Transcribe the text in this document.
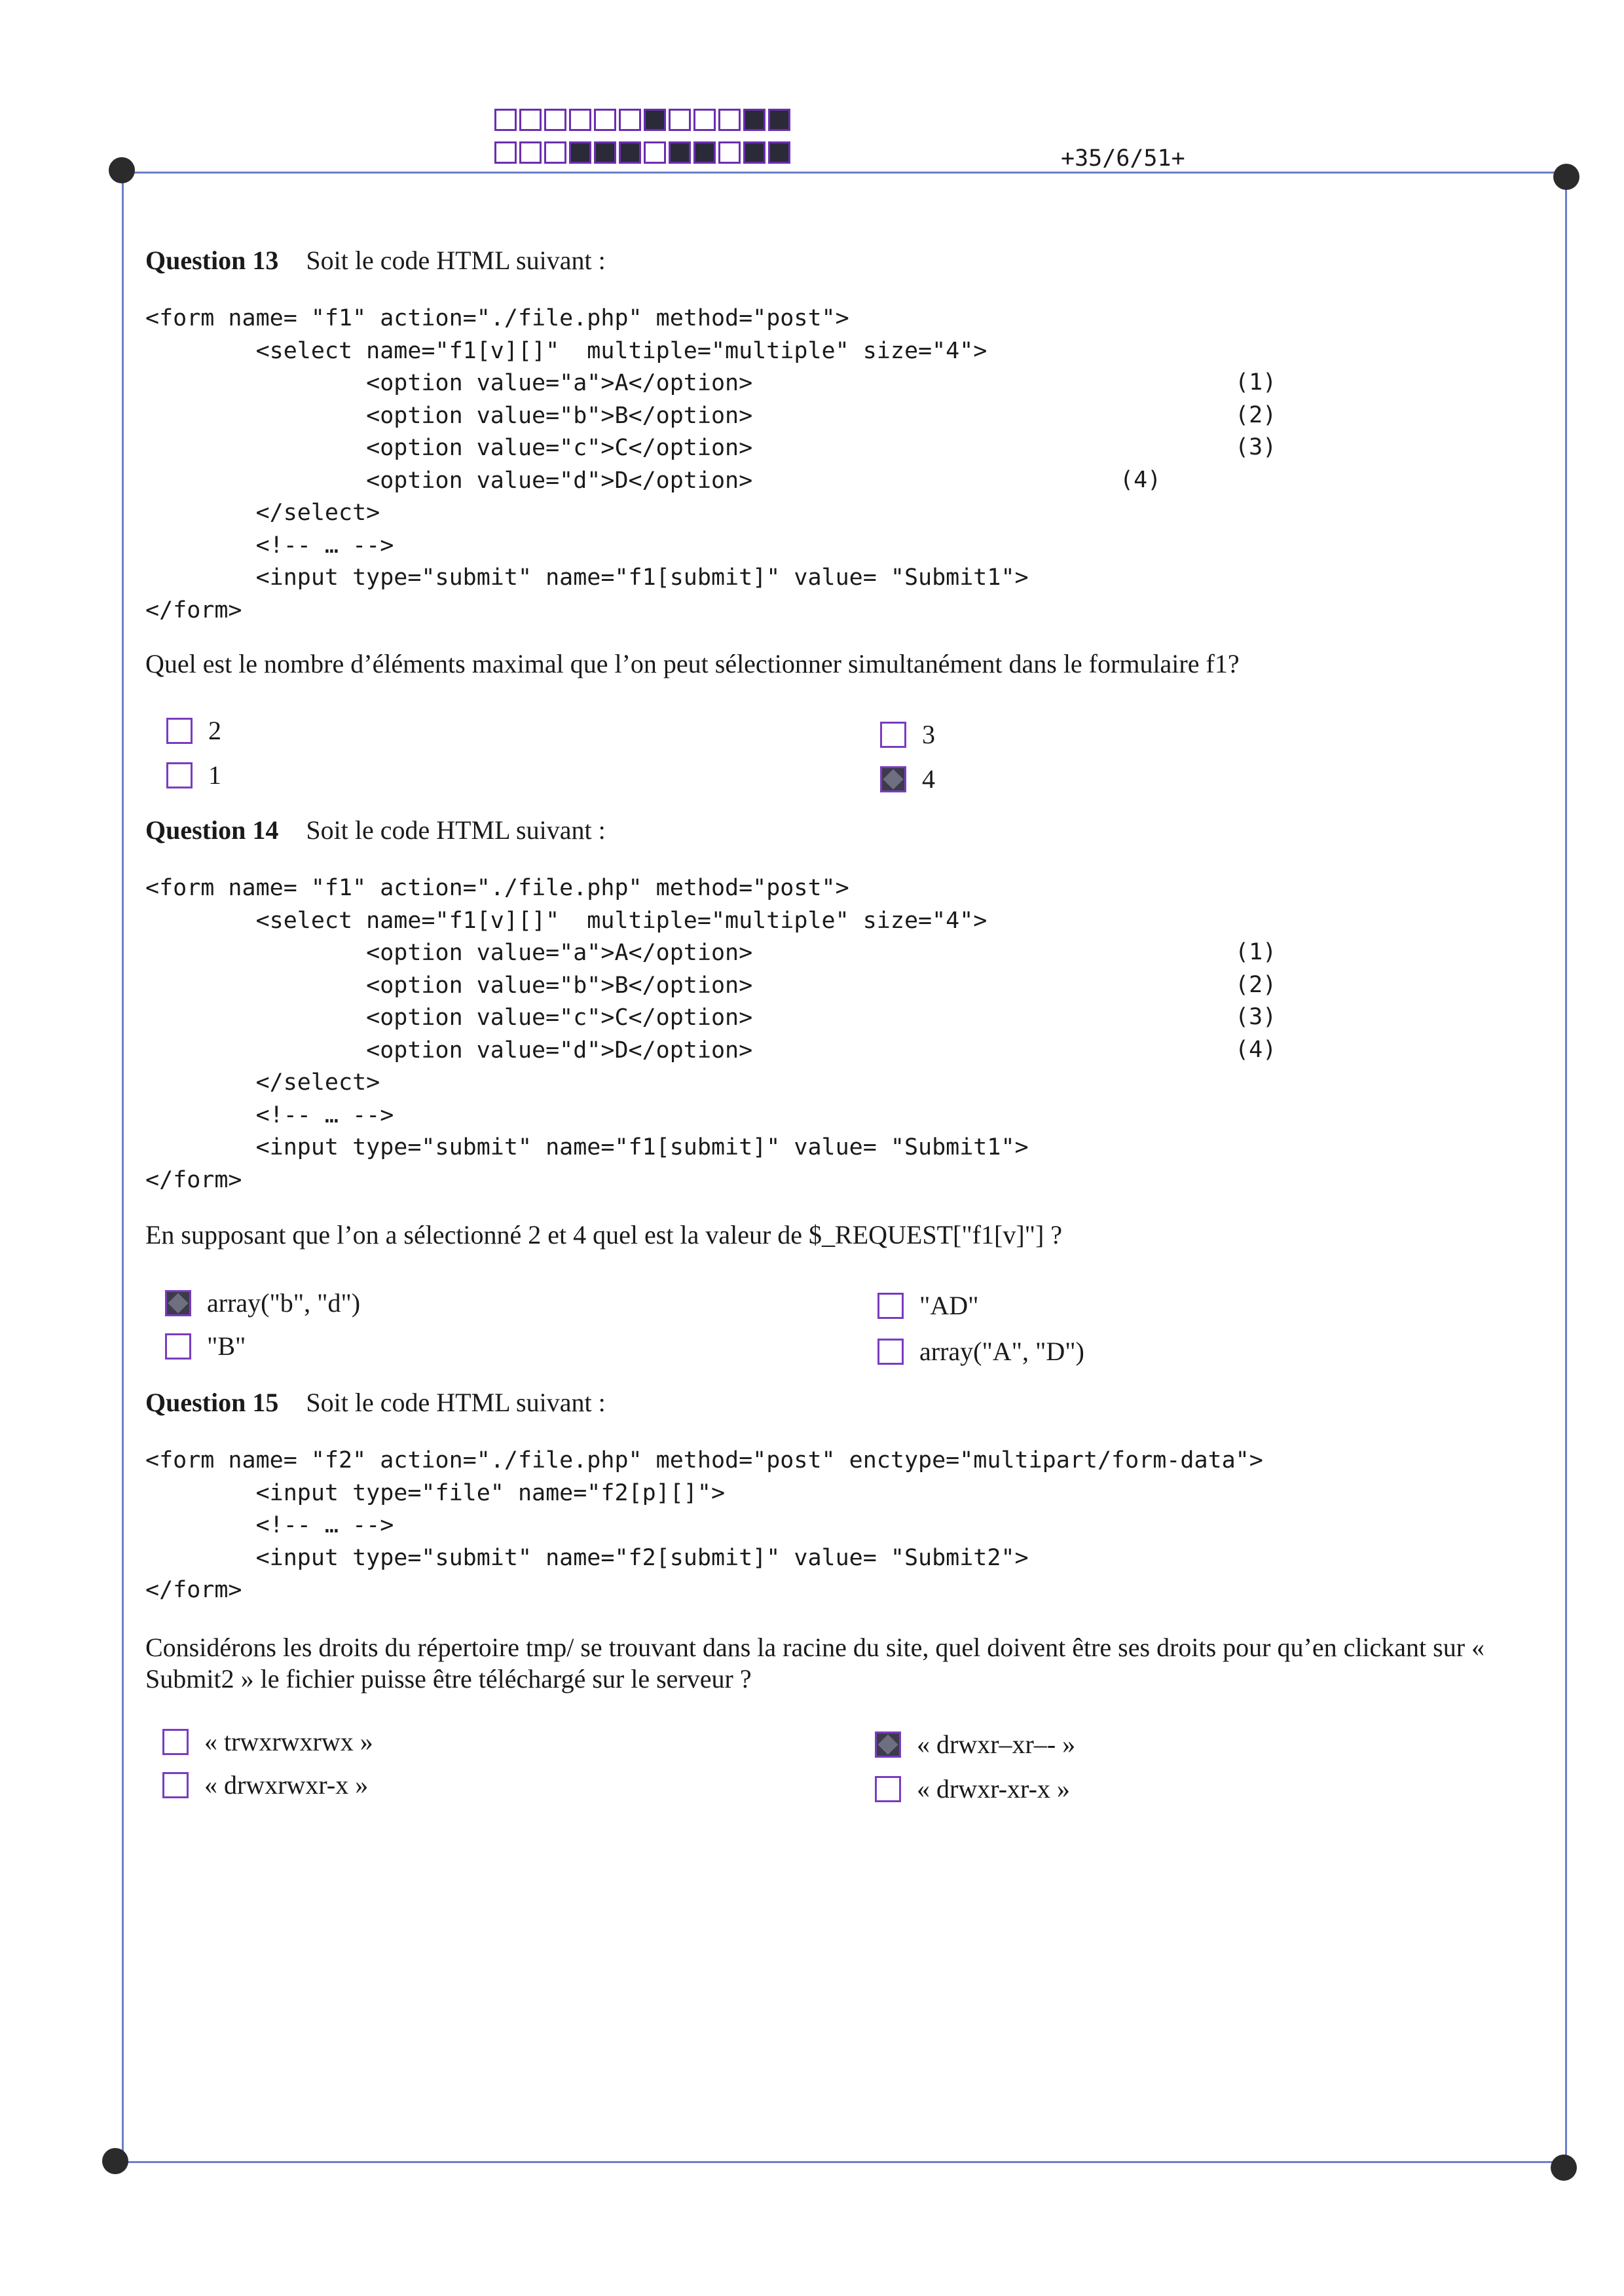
+35/6/51+
Question 13 Soit le code HTML suivant :
<form name= "f1" action="./file.php" method="post">
<select name="f1[v][]"  multiple="multiple" size="4">
<option value="a">A</option>
<option value="b">B</option>
<option value="c">C</option>
<option value="d">D</option>
</select>
<!-- … -->
<input type="submit" name="f1[submit]" value= "Submit1">
</form>
(1)
(2)
(3)
(4)
Quel est le nombre d’éléments maximal que l’on peut sélectionner simultanément dans le formulaire f1?
2	3
1	4
Question 14 Soit le code HTML suivant :
<form name= "f1" action="./file.php" method="post">
<select name="f1[v][]"  multiple="multiple" size="4">
<option value="a">A</option>
<option value="b">B</option>
<option value="c">C</option>
<option value="d">D</option>
</select>
<!-- … -->
<input type="submit" name="f1[submit]" value= "Submit1">
</form>
(1)
(2)
(3)
(4)
En supposant que l’on a sélectionné 2 et 4 quel est la valeur de $_REQUEST["f1[v]"] ?
array("b", "d")	"AD"
"B"	array("A", "D")
Question 15 Soit le code HTML suivant :
<form name= "f2" action="./file.php" method="post" enctype="multipart/form-data">
<input type="file" name="f2[p][]">
<!-- … -->
<input type="submit" name="f2[submit]" value= "Submit2">
</form>
Considérons les droits du répertoire tmp/ se trouvant dans la racine du site, quel doivent être ses droits pour qu’en clickant sur « Submit2 » le fichier puisse être téléchargé sur le serveur ?
« trwxrwxrwx »	« drwxr–xr–- »
« drwxrwxr-x »	« drwxr-xr-x »
